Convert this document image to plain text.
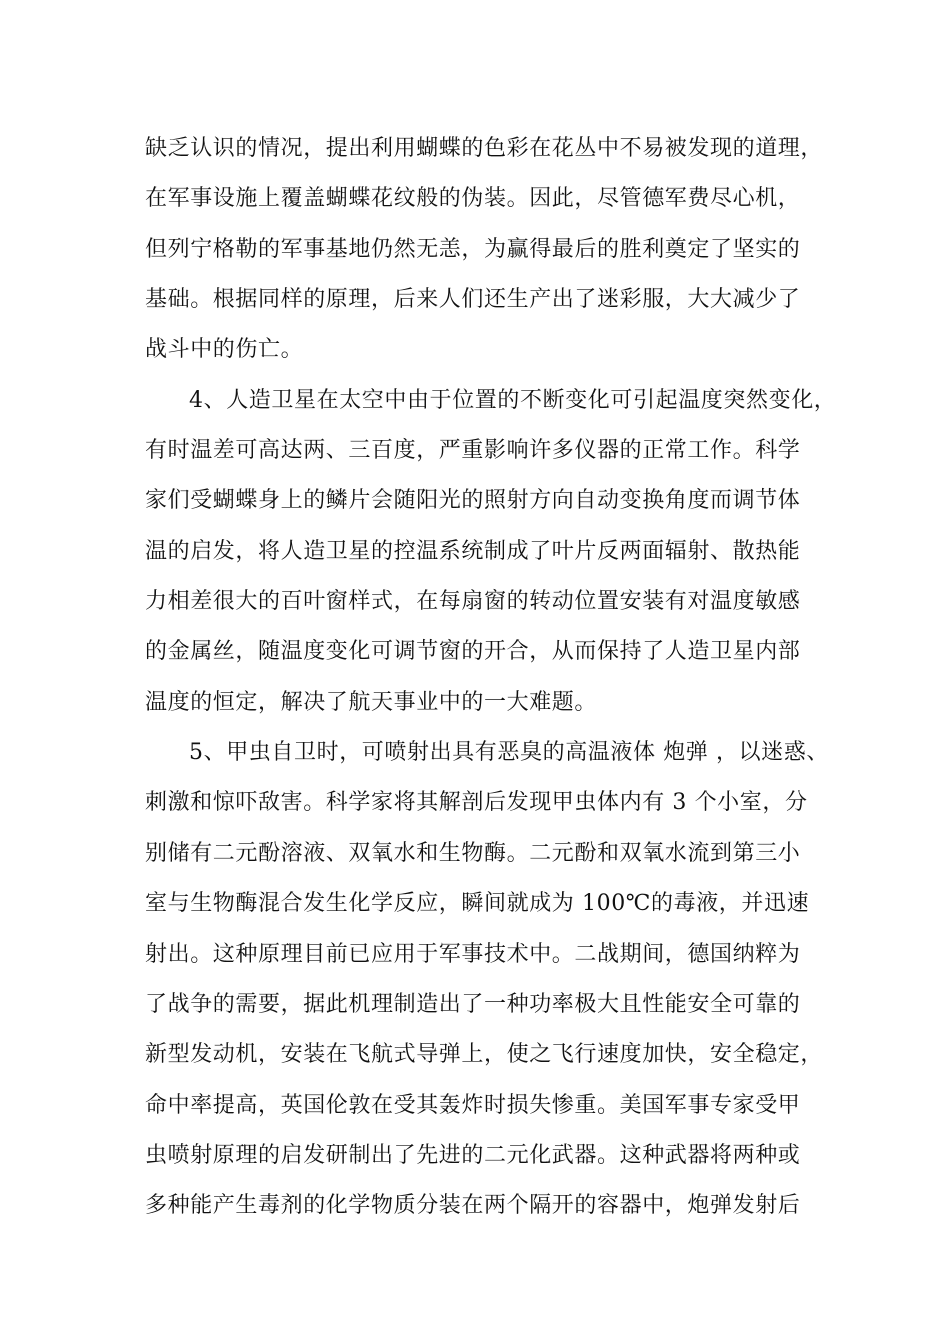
缺乏认识的情况，提出利用蝴蝶的色彩在花丛中不易被发现的道理，
在军事设施上覆盖蝴蝶花纹般的伪装。因此，尽管德军费尽心机，
但列宁格勒的军事基地仍然无恙，为赢得最后的胜利奠定了坚实的
基础。根据同样的原理，后来人们还生产出了迷彩服，大大减少了
战斗中的伤亡。
4、人造卫星在太空中由于位置的不断变化可引起温度突然变化，
有时温差可高达两、三百度，严重影响许多仪器的正常工作。科学
家们受蝴蝶身上的鳞片会随阳光的照射方向自动变换角度而调节体
温的启发，将人造卫星的控温系统制成了叶片反两面辐射、散热能
力相差很大的百叶窗样式，在每扇窗的转动位置安装有对温度敏感
的金属丝，随温度变化可调节窗的开合，从而保持了人造卫星内部
温度的恒定，解决了航天事业中的一大难题。
5、甲虫自卫时，可喷射出具有恶臭的高温液体 炮弹 ，以迷惑、
刺激和惊吓敌害。科学家将其解剖后发现甲虫体内有 3 个小室，分
别储有二元酚溶液、双氧水和生物酶。二元酚和双氧水流到第三小
室与生物酶混合发生化学反应，瞬间就成为 100℃的毒液，并迅速
射出。这种原理目前已应用于军事技术中。二战期间，德国纳粹为
了战争的需要，据此机理制造出了一种功率极大且性能安全可靠的
新型发动机，安装在飞航式导弹上，使之飞行速度加快，安全稳定，
命中率提高，英国伦敦在受其轰炸时损失惨重。美国军事专家受甲
虫喷射原理的启发研制出了先进的二元化武器。这种武器将两种或
多种能产生毒剂的化学物质分装在两个隔开的容器中，炮弹发射后
